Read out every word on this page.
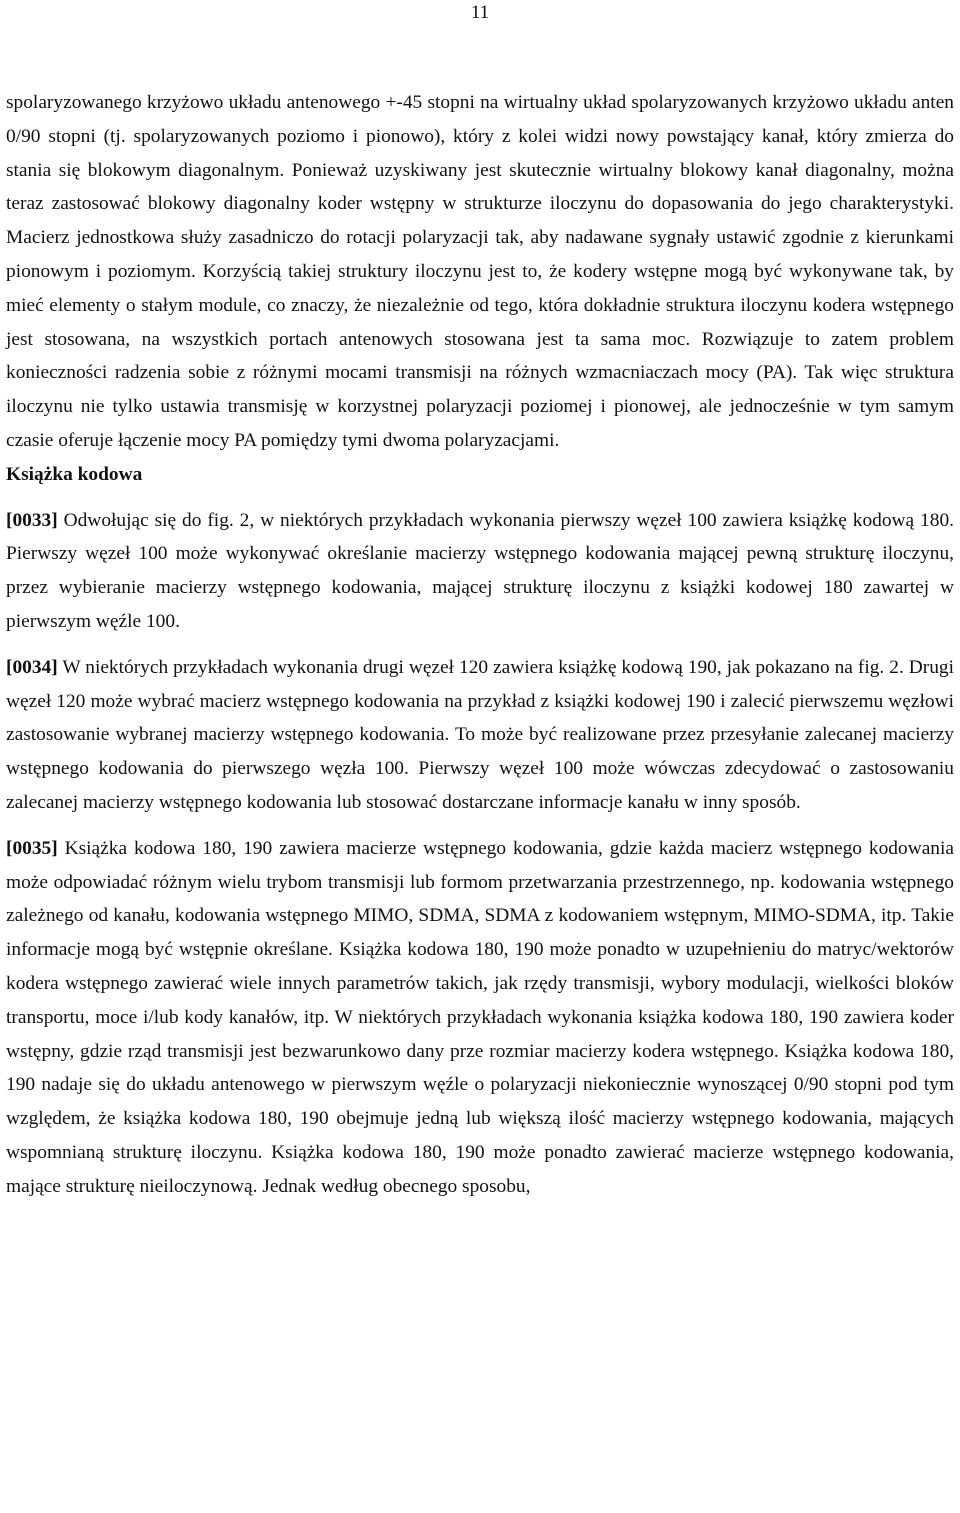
11

spolaryzowanego krzyżowo układu antenowego +-45 stopni na wirtualny układ spolaryzowanych krzyżowo układu anten 0/90 stopni (tj. spolaryzowanych poziomo i pionowo), który z kolei widzi nowy powstający kanał, który zmierza do stania się blokowym diagonalnym. Ponieważ uzyskiwany jest skutecznie wirtualny blokowy kanał diagonalny, można teraz zastosować blokowy diagonalny koder wstępny w strukturze iloczynu do dopasowania do jego charakterystyki. Macierz jednostkowa służy zasadniczo do rotacji polaryzacji tak, aby nadawane sygnały ustawić zgodnie z kierunkami pionowym i poziomym. Korzyścią takiej struktury iloczynu jest to, że kodery wstępne mogą być wykonywane tak, by mieć elementy o stałym module, co znaczy, że niezależnie od tego, która dokładnie struktura iloczynu kodera wstępnego jest stosowana, na wszystkich portach antenowych stosowana jest ta sama moc. Rozwiązuje to zatem problem konieczności radzenia sobie z różnymi mocami transmisji na różnych wzmacniaczach mocy (PA). Tak więc struktura iloczynu nie tylko ustawia transmisję w korzystnej polaryzacji poziomej i pionowej, ale jednocześnie w tym samym czasie oferuje łączenie mocy PA pomiędzy tymi dwoma polaryzacjami.

Książka kodowa

[0033] Odwołując się do fig. 2, w niektórych przykładach wykonania pierwszy węzeł 100 zawiera książkę kodową 180. Pierwszy węzeł 100 może wykonywać określanie macierzy wstępnego kodowania mającej pewną strukturę iloczynu, przez wybieranie macierzy wstępnego kodowania, mającej strukturę iloczynu z książki kodowej 180 zawartej w pierwszym węźle 100.

[0034] W niektórych przykładach wykonania drugi węzeł 120 zawiera książkę kodową 190, jak pokazano na fig. 2. Drugi węzeł 120 może wybrać macierz wstępnego kodowania na przykład z książki kodowej 190 i zalecić pierwszemu węzłowi zastosowanie wybranej macierzy wstępnego kodowania. To może być realizowane przez przesyłanie zalecanej macierzy wstępnego kodowania do pierwszego węzła 100. Pierwszy węzeł 100 może wówczas zdecydować o zastosowaniu zalecanej macierzy wstępnego kodowania lub stosować dostarczane informacje kanału w inny sposób.

[0035] Książka kodowa 180, 190 zawiera macierze wstępnego kodowania, gdzie każda macierz wstępnego kodowania może odpowiadać różnym wielu trybom transmisji lub formom przetwarzania przestrzennego, np. kodowania wstępnego zależnego od kanału, kodowania wstępnego MIMO, SDMA, SDMA z kodowaniem wstępnym, MIMO-SDMA, itp. Takie informacje mogą być wstępnie określane. Książka kodowa 180, 190 może ponadto w uzupełnieniu do matryc/wektorów kodera wstępnego zawierać wiele innych parametrów takich, jak rzędy transmisji, wybory modulacji, wielkości bloków transportu, moce i/lub kody kanałów, itp. W niektórych przykładach wykonania książka kodowa 180, 190 zawiera koder wstępny, gdzie rząd transmisji jest bezwarunkowo dany prze rozmiar macierzy kodera wstępnego. Książka kodowa 180, 190 nadaje się do układu antenowego w pierwszym węźle o polaryzacji niekoniecznie wynoszącej 0/90 stopni pod tym względem, że książka kodowa 180, 190 obejmuje jedną lub większą ilość macierzy wstępnego kodowania, mających wspomnianą strukturę iloczynu. Książka kodowa 180, 190 może ponadto zawierać macierze wstępnego kodowania, mające strukturę nieiloczynową. Jednak według obecnego sposobu,
